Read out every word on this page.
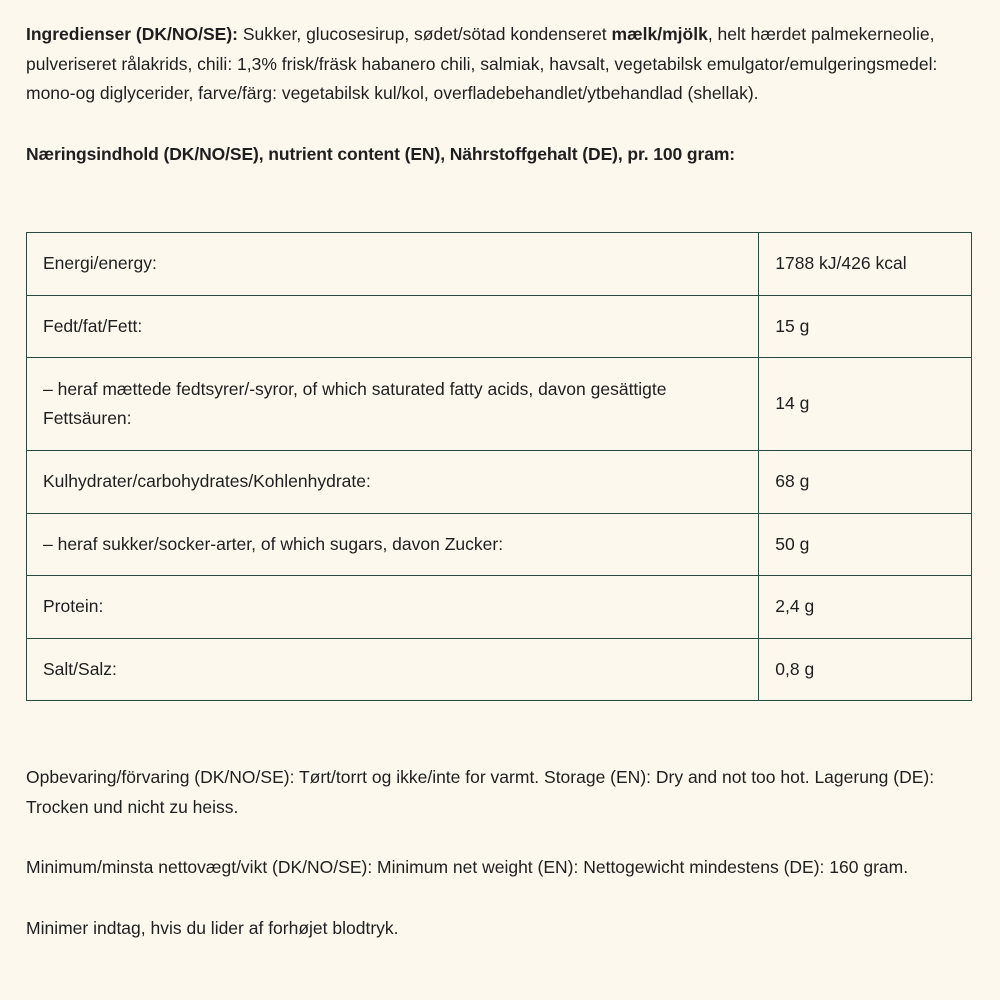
Ingredienser (DK/NO/SE): Sukker, glucosesirup, sødet/sötad kondenseret mælk/mjölk, helt hærdet palmekerneolie, pulveriseret rålakrids, chili: 1,3% frisk/fräsk habanero chili, salmiak, havsalt, vegetabilsk emulgator/emulgeringsmedel: mono-og diglycerider, farve/färg: vegetabilsk kul/kol, overfladebehandlet/ytbehandlad (shellak).

Næringsindhold (DK/NO/SE), nutrient content (EN), Nährstoffgehalt (DE), pr. 100 gram:

Energi/energy:	1788 kJ/426 kcal
Fedt/fat/Fett:	15 g
– heraf mættede fedtsyrer/-syror, of which saturated fatty acids, davon gesättigte Fettsäuren:	14 g
Kulhydrater/carbohydrates/Kohlenhydrate:	68 g
– heraf sukker/socker-arter, of which sugars, davon Zucker:	50 g
Protein:	2,4 g
Salt/Salz:	0,8 g

Opbevaring/förvaring (DK/NO/SE): Tørt/torrt og ikke/inte for varmt. Storage (EN): Dry and not too hot. Lagerung (DE): Trocken und nicht zu heiss.

Minimum/minsta nettovægt/vikt (DK/NO/SE): Minimum net weight (EN): Nettogewicht mindestens (DE): 160 gram.

Minimer indtag, hvis du lider af forhøjet blodtryk.
